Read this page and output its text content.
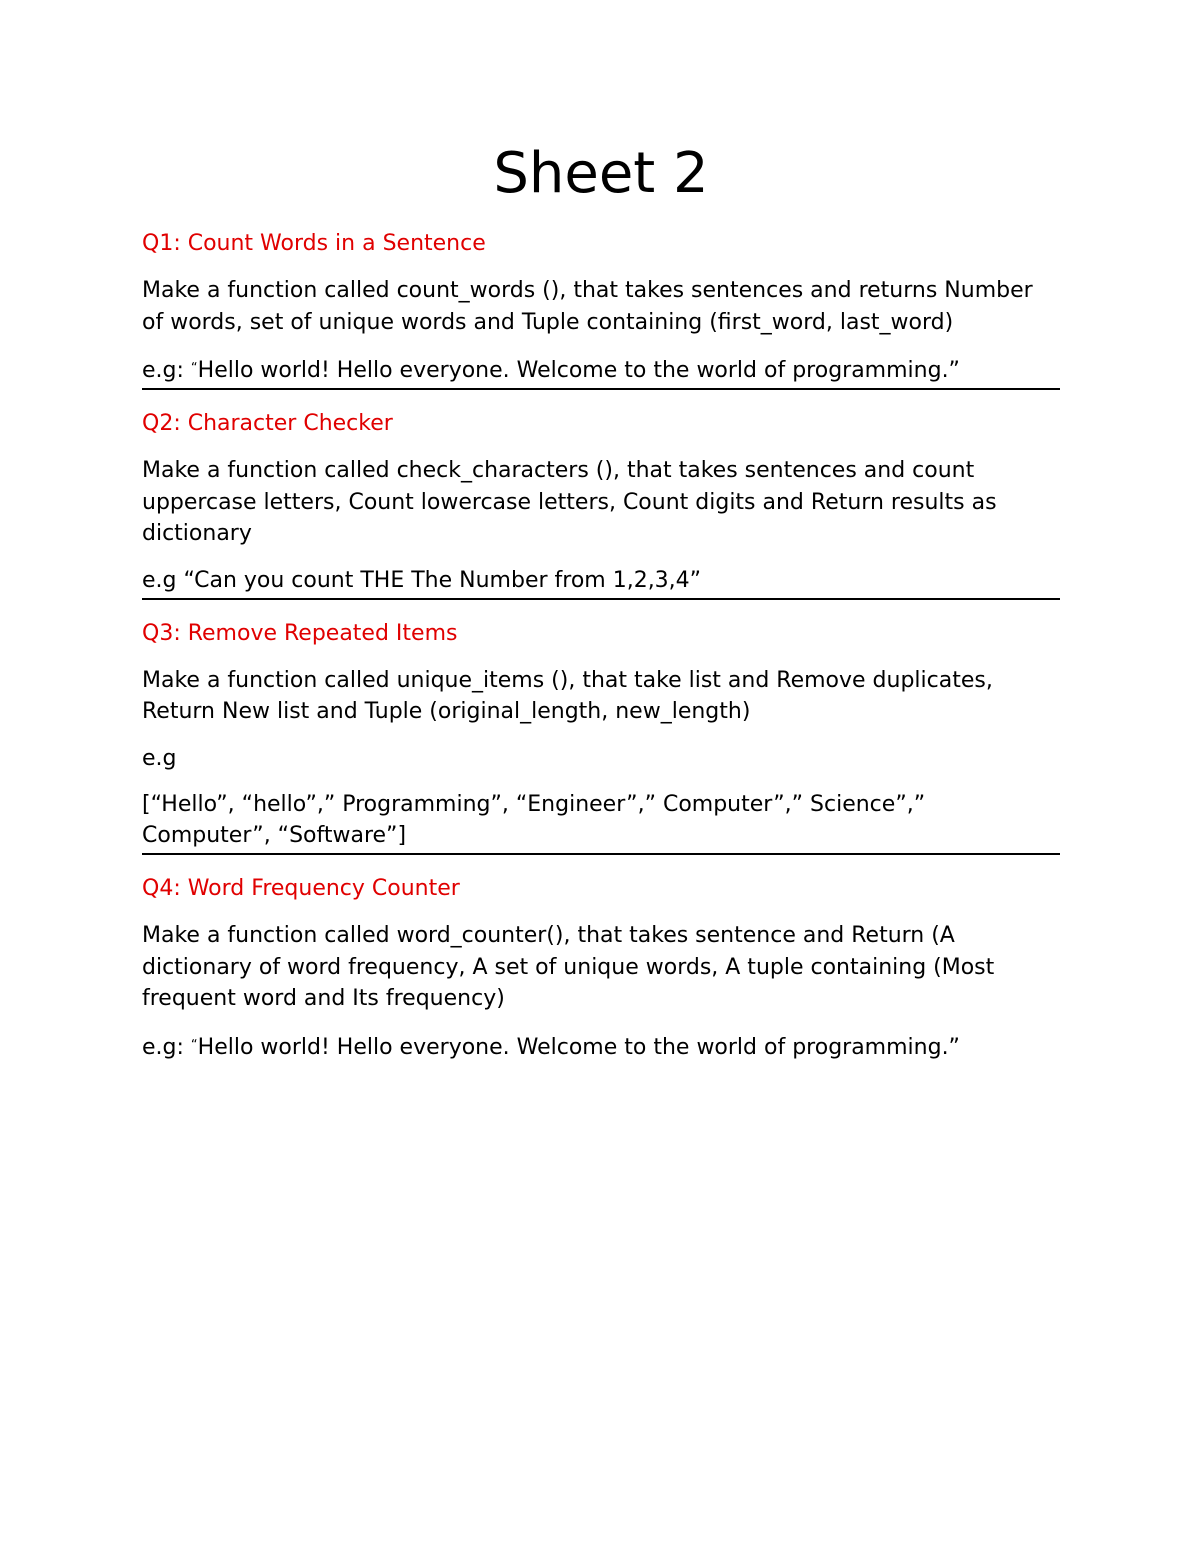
Sheet 2
Q1: Count Words in a Sentence

Make a function called count_words (), that takes sentences and returns Number of words, set of unique words and Tuple containing (first_word, last_word)

e.g: “Hello world! Hello everyone. Welcome to the world of programming.”

Q2: Character Checker

Make a function called check_characters (), that takes sentences and count uppercase letters, Count lowercase letters, Count digits and Return results as dictionary

e.g “Can you count THE The Number from 1,2,3,4”

Q3: Remove Repeated Items

Make a function called unique_items (), that take list and Remove duplicates, Return New list and Tuple (original_length, new_length)

e.g

[“Hello”, “hello”,” Programming”, “Engineer”,” Computer”,” Science”,” Computer”, “Software”]

Q4: Word Frequency Counter

Make a function called word_counter(), that takes sentence and Return (A dictionary of word frequency, A set of unique words, A tuple containing (Most frequent word and Its frequency)

e.g: “Hello world! Hello everyone. Welcome to the world of programming.”
